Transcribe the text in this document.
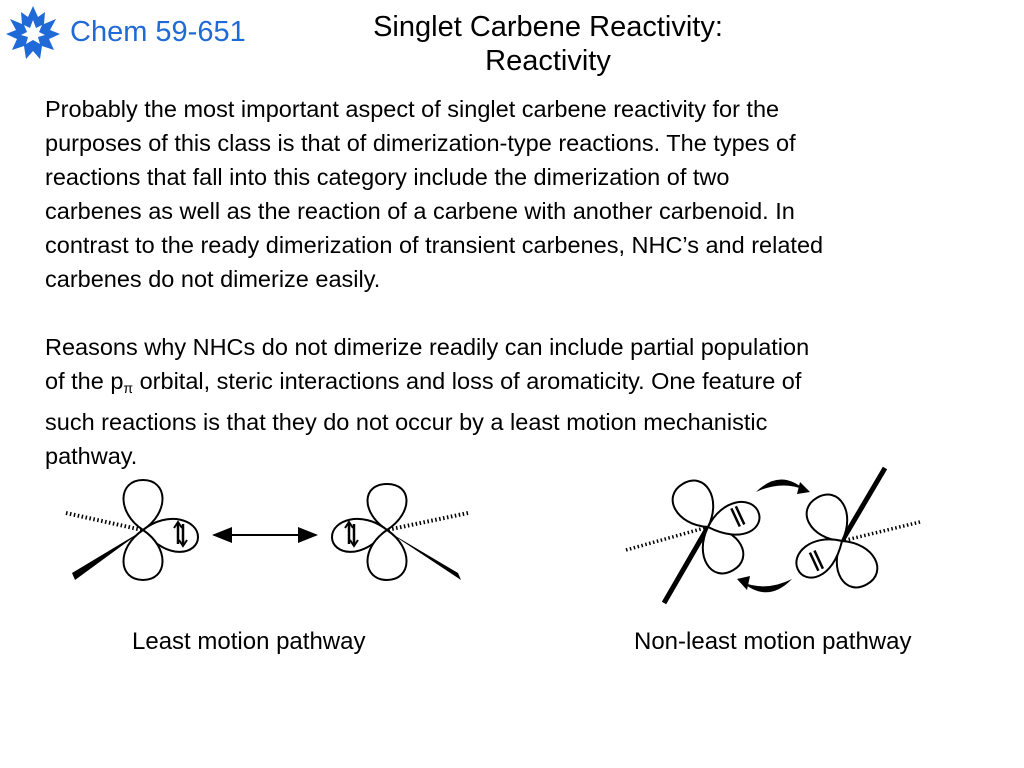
Chem 59-651	Singlet Carbene Reactivity:
Reactivity
Probably the most important aspect of singlet carbene reactivity for the
purposes of this class is that of dimerization-type reactions. The types of
reactions that fall into this category include the dimerization of two
carbenes as well as the reaction of a carbene with another carbenoid. In
contrast to the ready dimerization of transient carbenes, NHC’s and related
carbenes do not dimerize easily.
Reasons why NHCs do not dimerize readily can include partial population
of the $p_\pi$ orbital, steric interactions and loss of aromaticity. One feature of
such reactions is that they do not occur by a least motion mechanistic
pathway.
Least motion pathway	Non-least motion pathway
